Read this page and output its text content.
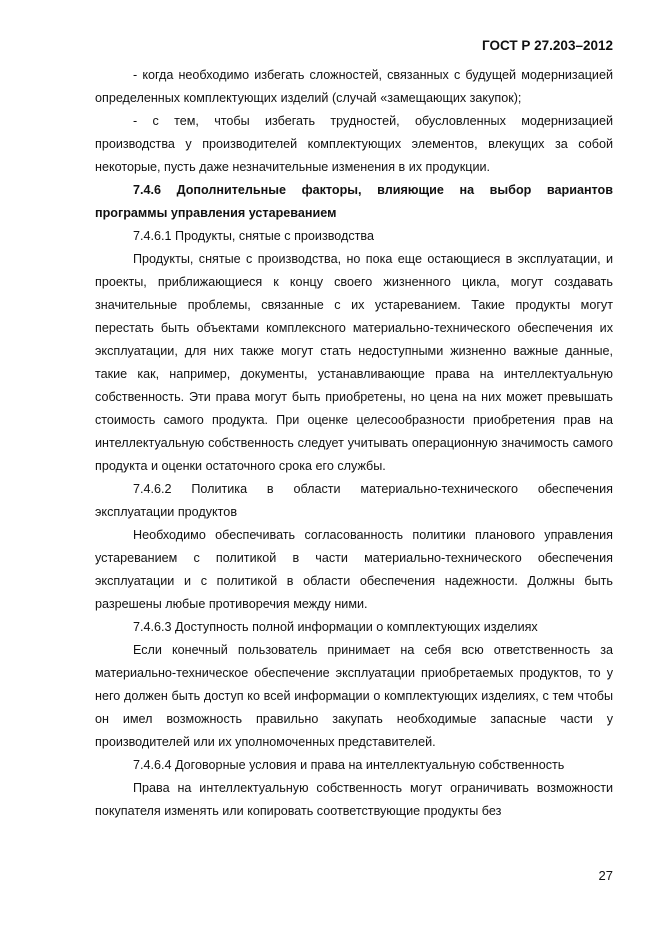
ГОСТ Р 27.203–2012

- когда необходимо избегать сложностей, связанных с будущей модернизацией определенных комплектующих изделий (случай «замещающих закупок);

- с тем, чтобы избегать трудностей, обусловленных модернизацией производства у производителей комплектующих элементов, влекущих за собой некоторые, пусть даже незначительные изменения в их продукции.

7.4.6 Дополнительные факторы, влияющие на выбор вариантов программы управления устареванием

7.4.6.1 Продукты, снятые с производства

Продукты, снятые с производства, но пока еще остающиеся в эксплуатации, и проекты, приближающиеся к концу своего жизненного цикла, могут создавать значительные проблемы, связанные с их устареванием. Такие продукты могут перестать быть объектами комплексного материально-технического обеспечения их эксплуатации, для них также могут стать недоступными жизненно важные данные, такие как, например, документы, устанавливающие права на интеллектуальную собственность. Эти права могут быть приобретены, но цена на них может превышать стоимость самого продукта. При оценке целесообразности приобретения прав на интеллектуальную собственность следует учитывать операционную значимость самого продукта и оценки остаточного срока его службы.

7.4.6.2 Политика в области материально-технического обеспечения эксплуатации продуктов

Необходимо обеспечивать согласованность политики планового управления устареванием с политикой в части материально-технического обеспечения эксплуатации и с политикой в области обеспечения надежности. Должны быть разрешены любые противоречия между ними.

7.4.6.3 Доступность полной информации о комплектующих изделиях

Если конечный пользователь принимает на себя всю ответственность за материально-техническое обеспечение эксплуатации приобретаемых продуктов, то у него должен быть доступ ко всей информации о комплектующих изделиях, с тем чтобы он имел возможность правильно закупать необходимые запасные части у производителей или их уполномоченных представителей.

7.4.6.4 Договорные условия и права на интеллектуальную собственность

Права на интеллектуальную собственность могут ограничивать возможности покупателя изменять или копировать соответствующие продукты без

27
